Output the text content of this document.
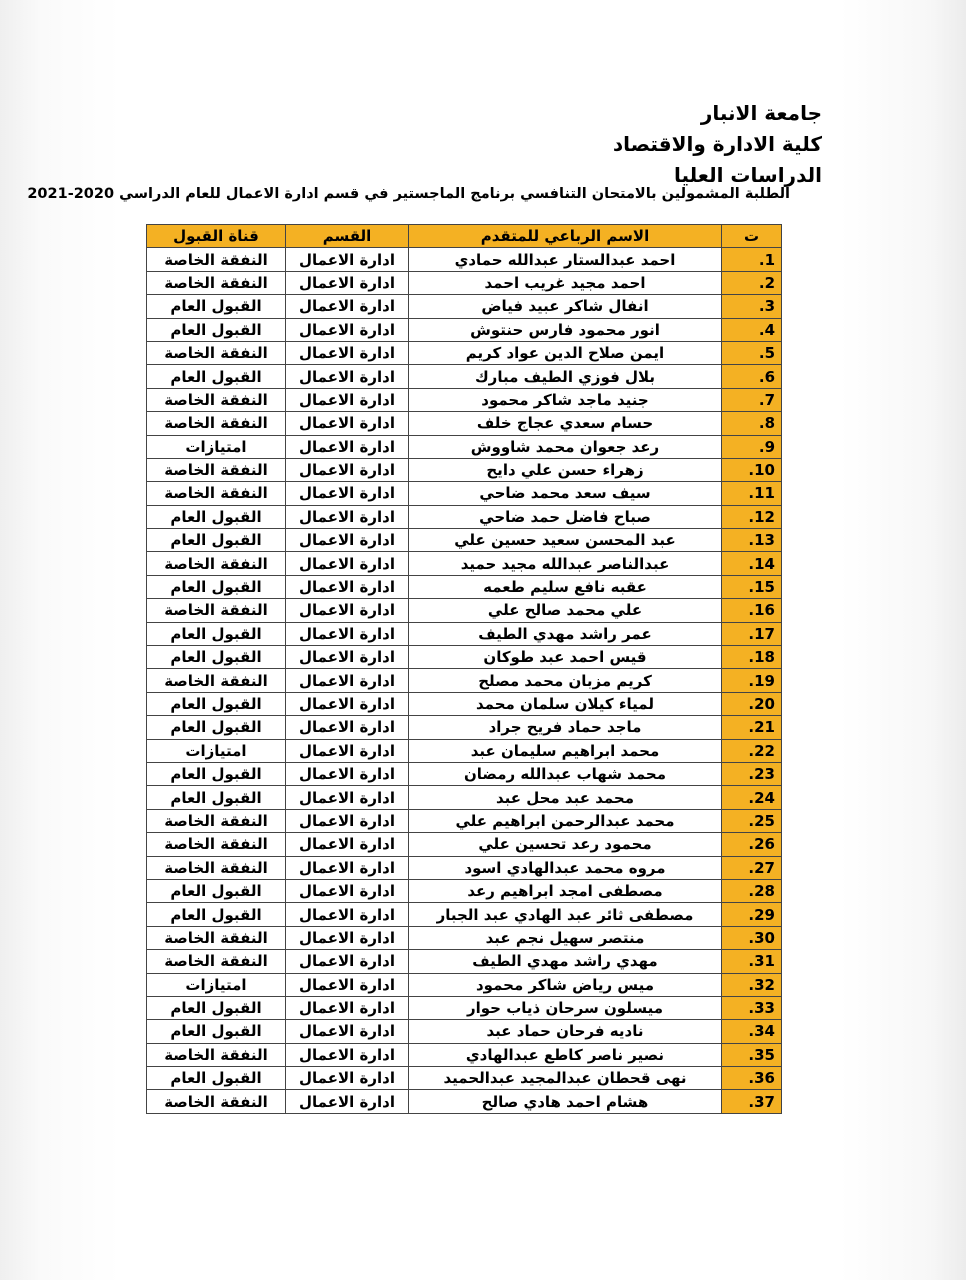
جامعة الانبار
كلية الادارة والاقتصاد
الدراسات العليا
الطلبة المشمولين بالامتحان التنافسي برنامج الماجستير في قسم ادارة الاعمال للعام الدراسي 2020-2021
ت	الاسم الرباعي للمتقدم	القسم	قناة القبول
1.	احمد عبدالستار عبدالله حمادي	ادارة الاعمال	النفقة الخاصة
2.	احمد مجيد غريب احمد	ادارة الاعمال	النفقة الخاصة
3.	انفال شاكر عبيد فياض	ادارة الاعمال	القبول العام
4.	انور محمود فارس حنتوش	ادارة الاعمال	القبول العام
5.	ايمن صلاح الدين عواد كريم	ادارة الاعمال	النفقة الخاصة
6.	بلال فوزي الطيف مبارك	ادارة الاعمال	القبول العام
7.	جنيد ماجد شاكر محمود	ادارة الاعمال	النفقة الخاصة
8.	حسام سعدي عجاج خلف	ادارة الاعمال	النفقة الخاصة
9.	رعد جعوان محمد شاووش	ادارة الاعمال	امتيازات
10.	زهراء حسن علي دايح	ادارة الاعمال	النفقة الخاصة
11.	سيف سعد محمد ضاحي	ادارة الاعمال	النفقة الخاصة
12.	صباح فاضل حمد ضاحي	ادارة الاعمال	القبول العام
13.	عبد المحسن سعيد حسين علي	ادارة الاعمال	القبول العام
14.	عبدالناصر عبدالله مجيد حميد	ادارة الاعمال	النفقة الخاصة
15.	عقبه نافع سليم طعمه	ادارة الاعمال	القبول العام
16.	علي محمد صالح علي	ادارة الاعمال	النفقة الخاصة
17.	عمر راشد مهدي الطيف	ادارة الاعمال	القبول العام
18.	قيس احمد عبد طوكان	ادارة الاعمال	القبول العام
19.	كريم مزبان محمد مصلح	ادارة الاعمال	النفقة الخاصة
20.	لمياء كيلان سلمان محمد	ادارة الاعمال	القبول العام
21.	ماجد حماد فريح جراد	ادارة الاعمال	القبول العام
22.	محمد ابراهيم سليمان عبد	ادارة الاعمال	امتيازات
23.	محمد شهاب عبدالله رمضان	ادارة الاعمال	القبول العام
24.	محمد عبد محل عبد	ادارة الاعمال	القبول العام
25.	محمد عبدالرحمن ابراهيم علي	ادارة الاعمال	النفقة الخاصة
26.	محمود رعد تحسين علي	ادارة الاعمال	النفقة الخاصة
27.	مروه محمد عبدالهادي اسود	ادارة الاعمال	النفقة الخاصة
28.	مصطفى امجد ابراهيم رعد	ادارة الاعمال	القبول العام
29.	مصطفى ثائر عبد الهادي عبد الجبار	ادارة الاعمال	القبول العام
30.	منتصر سهيل نجم عبد	ادارة الاعمال	النفقة الخاصة
31.	مهدي راشد مهدي الطيف	ادارة الاعمال	النفقة الخاصة
32.	ميس رياض شاكر محمود	ادارة الاعمال	امتيازات
33.	ميسلون سرحان ذياب حوار	ادارة الاعمال	القبول العام
34.	ناديه فرحان حماد عبد	ادارة الاعمال	القبول العام
35.	نصير ناصر كاطع عبدالهادي	ادارة الاعمال	النفقة الخاصة
36.	نهى قحطان عبدالمجيد عبدالحميد	ادارة الاعمال	القبول العام
37.	هشام احمد هادي صالح	ادارة الاعمال	النفقة الخاصة
